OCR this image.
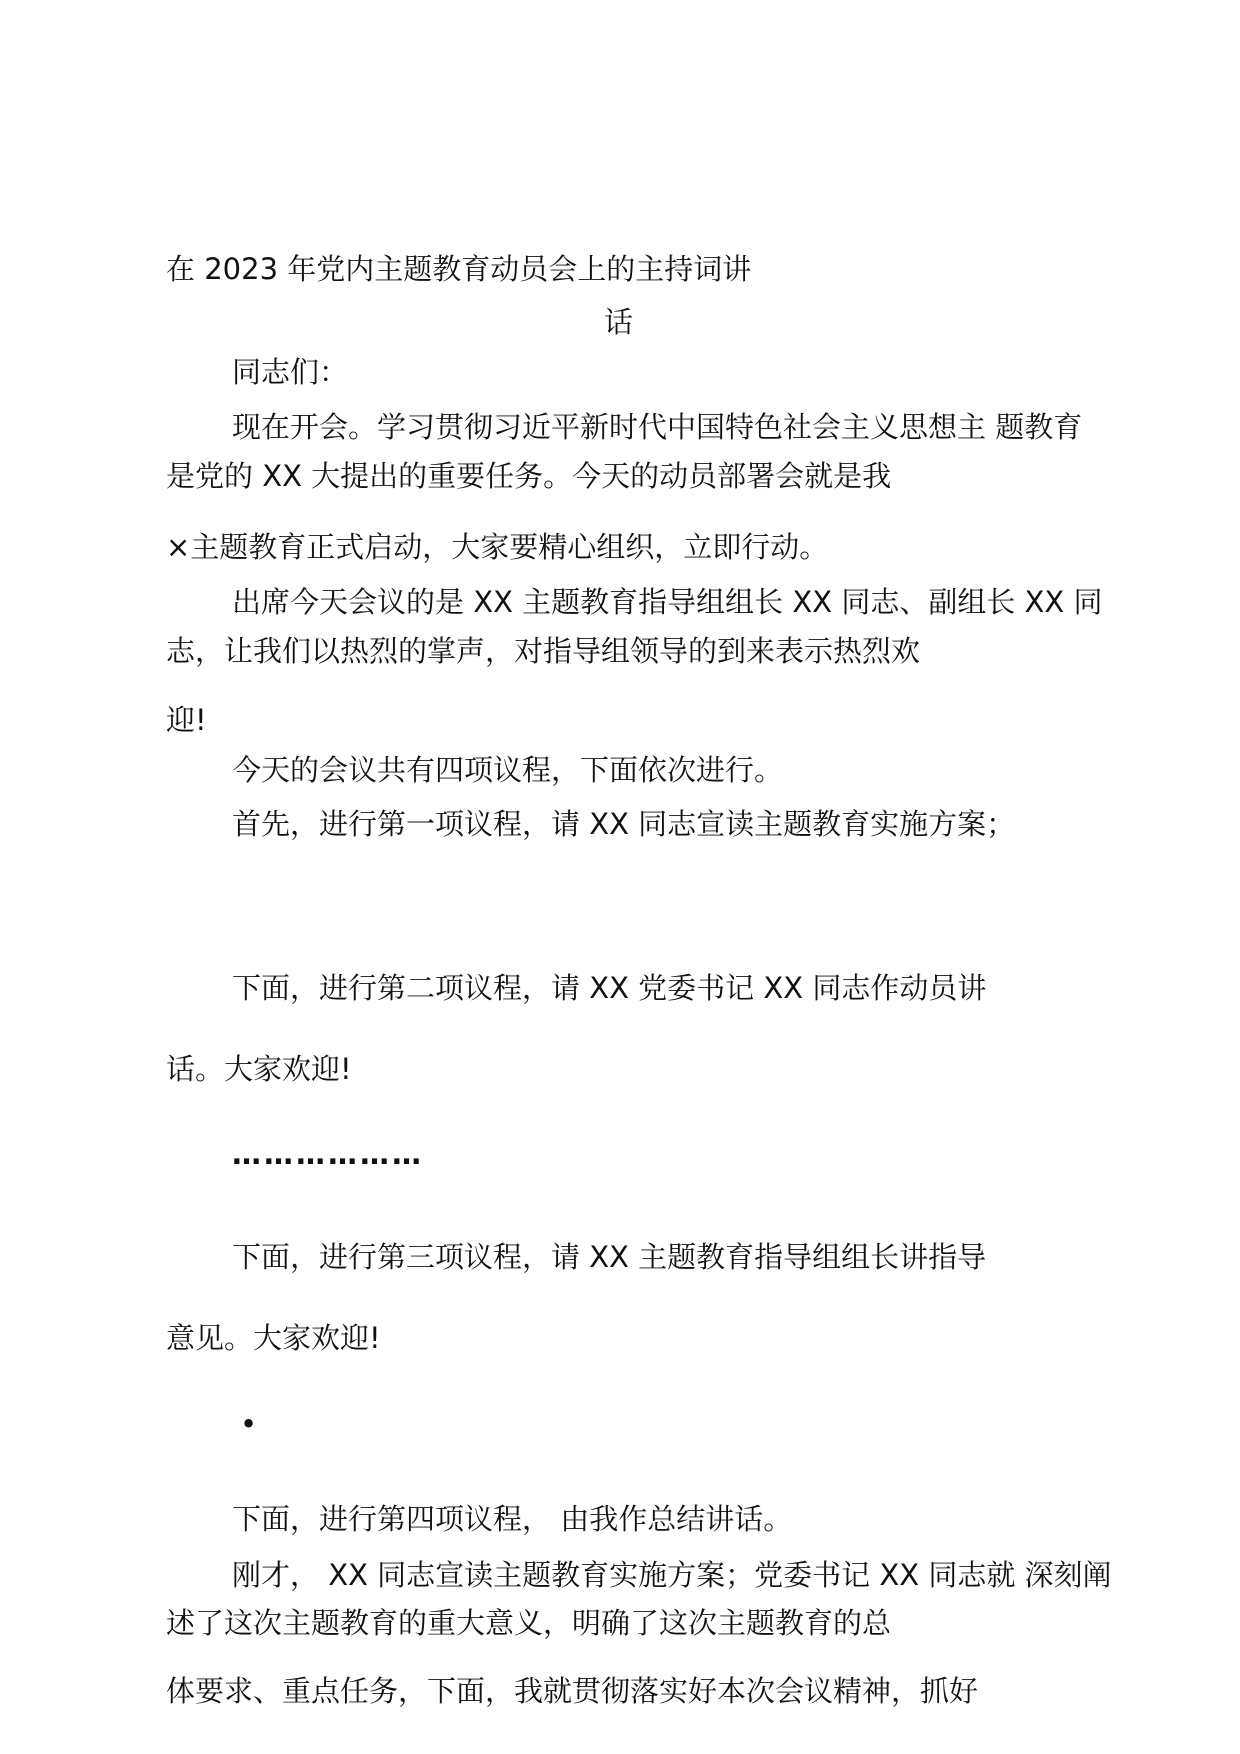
在 2023 年党内主题教育动员会上的主持词讲
话
同志们：
现在开会。学习贯彻习近平新时代中国特色社会主义思想主 题教育
是党的 XX 大提出的重要任务。今天的动员部署会就是我
×主题教育正式启动，大家要精心组织，立即行动。
出席今天会议的是 XX 主题教育指导组组长 XX 同志、副组长 XX 同
志，让我们以热烈的掌声，对指导组领导的到来表示热烈欢
迎!
今天的会议共有四项议程，下面依次进行。
首先，进行第一项议程，请 XX 同志宣读主题教育实施方案；
下面，进行第二项议程，请 XX 党委书记 XX 同志作动员讲
话。大家欢迎!
………………
下面，进行第三项议程，请 XX 主题教育指导组组长讲指导
意见。大家欢迎!
•
下面，进行第四项议程， 由我作总结讲话。
刚才， XX 同志宣读主题教育实施方案；党委书记 XX 同志就 深刻阐
述了这次主题教育的重大意义，明确了这次主题教育的总
体要求、重点任务，下面，我就贯彻落实好本次会议精神，抓好
